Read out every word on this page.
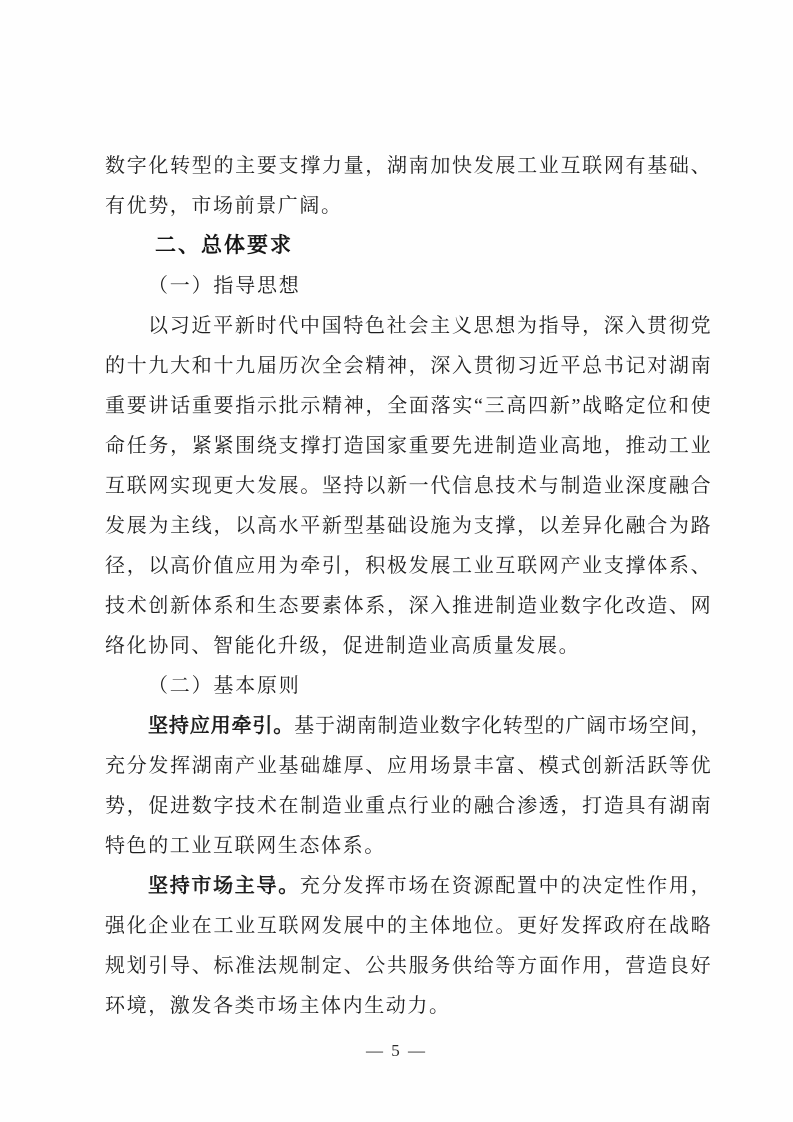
数字化转型的主要支撑力量，湖南加快发展工业互联网有基础、
有优势，市场前景广阔。
二、总体要求
（一）指导思想
以习近平新时代中国特色社会主义思想为指导，深入贯彻党
的十九大和十九届历次全会精神，深入贯彻习近平总书记对湖南
重要讲话重要指示批示精神，全面落实“三高四新”战略定位和使
命任务，紧紧围绕支撑打造国家重要先进制造业高地，推动工业
互联网实现更大发展。坚持以新一代信息技术与制造业深度融合
发展为主线，以高水平新型基础设施为支撑，以差异化融合为路
径，以高价值应用为牵引，积极发展工业互联网产业支撑体系、
技术创新体系和生态要素体系，深入推进制造业数字化改造、网
络化协同、智能化升级，促进制造业高质量发展。
（二）基本原则
坚持应用牵引。基于湖南制造业数字化转型的广阔市场空间，
充分发挥湖南产业基础雄厚、应用场景丰富、模式创新活跃等优
势，促进数字技术在制造业重点行业的融合渗透，打造具有湖南
特色的工业互联网生态体系。
坚持市场主导。充分发挥市场在资源配置中的决定性作用，
强化企业在工业互联网发展中的主体地位。更好发挥政府在战略
规划引导、标准法规制定、公共服务供给等方面作用，营造良好
环境，激发各类市场主体内生动力。
— 5 —
